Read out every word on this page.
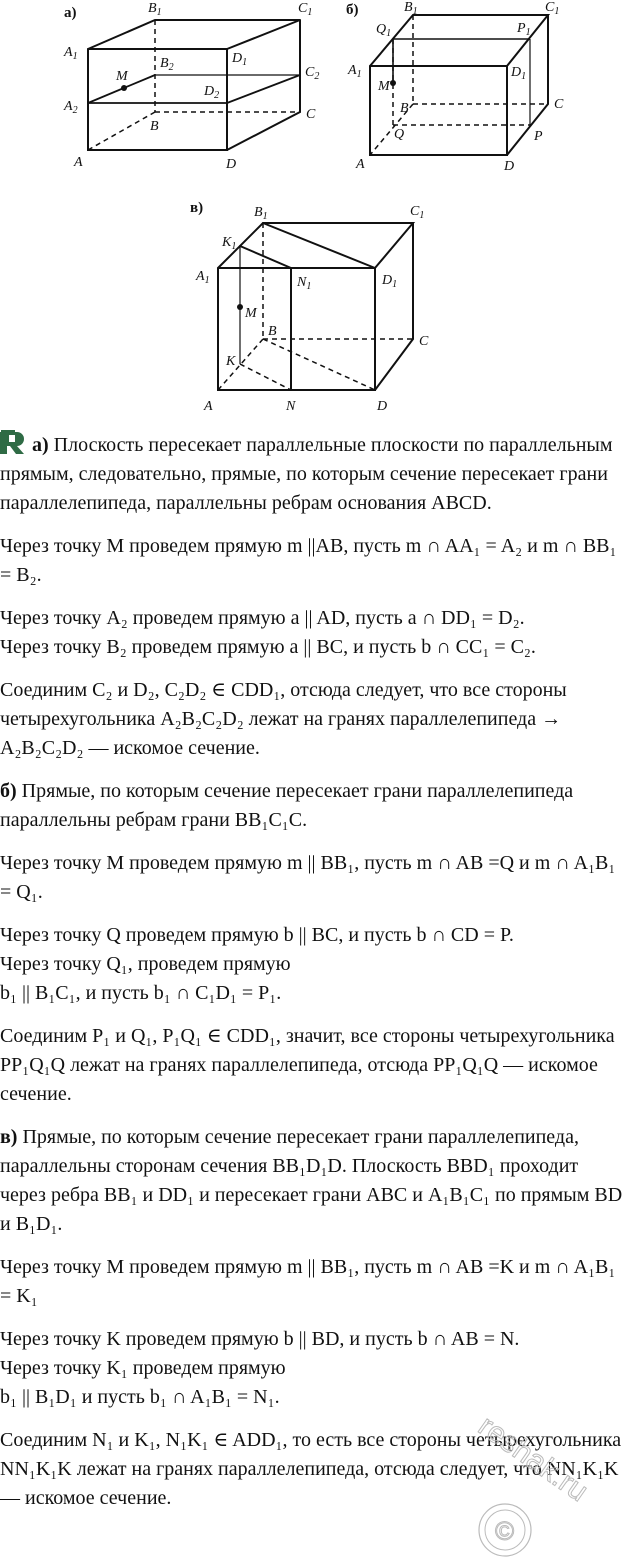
а)	$B_1$	$C_1$
$A_1$	$B_2$
$D_1$
$C_2$
M
$A_2$
$D_2$
C
B
A	D
б)	$B_1$	$C_1$
$Q_1$	$P_1$
$A_1$	$D_1$
M
B	C
Q	P
A	D
в)	$B_1$	$C_1$
$K_1$
$A_1$	$N_1$	$D_1$
M
B
C
K
A	N	D

а) Плоскость пересекает параллельные плоскости по параллельным прямым, следовательно, прямые, по которым сечение пересекает грани параллелепипеда, параллельны ребрам основания ABCD.

Через точку M проведем прямую m ||AB, пусть m ∩ AA₁ = A₂ и m ∩ BB₁ = B₂.

Через точку A₂ проведем прямую a || AD, пусть a ∩ DD₁ = D₂.
Через точку B₂ проведем прямую a || BC, и пусть b ∩ CC₁ = C₂.

Соединим C₂ и D₂, C₂D₂ ∈ CDD₁, отсюда следует, что все стороны четырехугольника A₂B₂C₂D₂ лежат на гранях параллелепипеда → A₂B₂C₂D₂ — искомое сечение.

б) Прямые, по которым сечение пересекает грани параллелепипеда параллельны ребрам грани BB₁C₁C.

Через точку M проведем прямую m || BB₁, пусть m ∩ AB =Q и m ∩ A₁B₁ = Q₁.

Через точку Q проведем прямую b || BC, и пусть b ∩ CD = P.
Через точку Q₁, проведем прямую
b₁ || B₁C₁, и пусть b₁ ∩ C₁D₁ = P₁.

Соединим P₁ и Q₁, P₁Q₁ ∈ CDD₁, значит, все стороны четырехугольника PP₁Q₁Q лежат на гранях параллелепипеда, отсюда PP₁Q₁Q — искомое сечение.

в) Прямые, по которым сечение пересекает грани параллелепипеда, параллельны сторонам сечения BB₁D₁D. Плоскость BBD₁ проходит через ребра BB₁ и DD₁ и пересекает грани ABC и A₁B₁C₁ по прямым BD и B₁D₁.

Через точку M проведем прямую m || BB₁, пусть m ∩ AB =K и m ∩ A₁B₁ = K₁

Через точку K проведем прямую b || BD, и пусть b ∩ AB = N.
Через точку K₁ проведем прямую
b₁ || B₁D₁ и пусть b₁ ∩ A₁B₁ = N₁.

Соединим N₁ и K₁, N₁K₁ ∈ ADD₁, то есть все стороны четырехугольника NN₁K₁K лежат на гранях параллелепипеда, отсюда следует, что NN₁K₁K — искомое сечение.

©
reshak.ru
